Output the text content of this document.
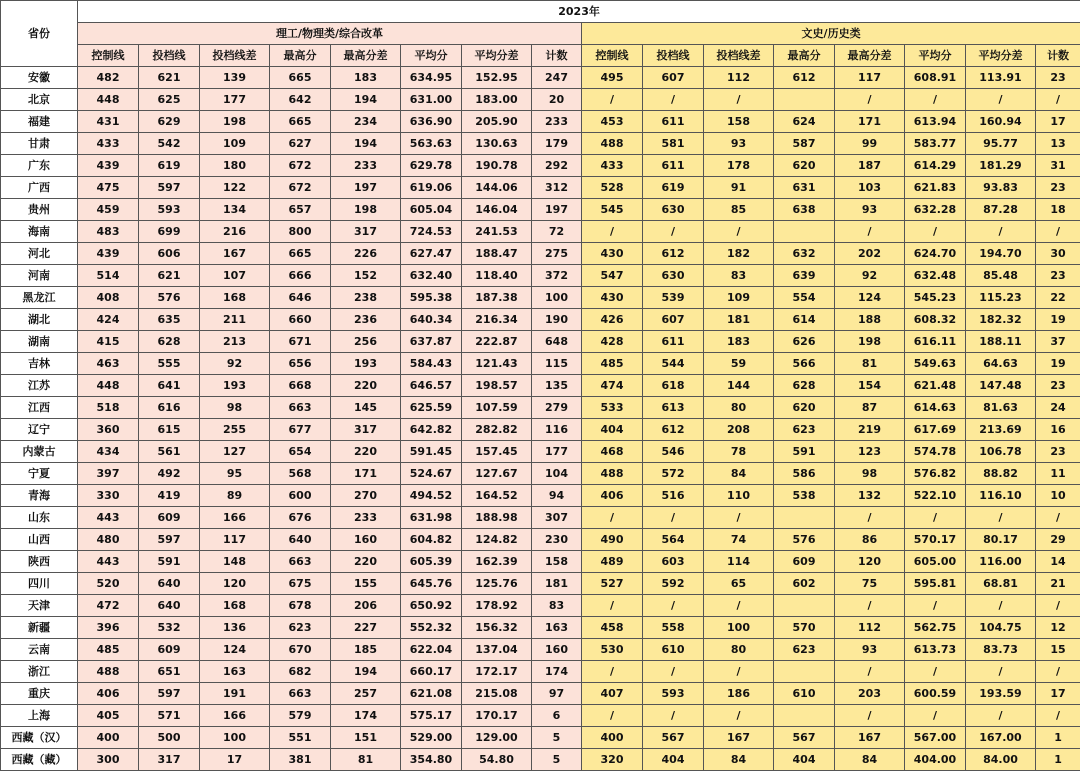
省份	2023年															
	理工/物理类/综合改革								文史/历史类							
	控制线	投档线	投档线差	最高分	最高分差	平均分	平均分差	计数	控制线	投档线	投档线差	最高分	最高分差	平均分	平均分差	计数
安徽	482	621	139	665	183	634.95	152.95	247	495	607	112	612	117	608.91	113.91	23
北京	448	625	177	642	194	631.00	183.00	20	/	/	/		/	/	/	/
福建	431	629	198	665	234	636.90	205.90	233	453	611	158	624	171	613.94	160.94	17
甘肃	433	542	109	627	194	563.63	130.63	179	488	581	93	587	99	583.77	95.77	13
广东	439	619	180	672	233	629.78	190.78	292	433	611	178	620	187	614.29	181.29	31
广西	475	597	122	672	197	619.06	144.06	312	528	619	91	631	103	621.83	93.83	23
贵州	459	593	134	657	198	605.04	146.04	197	545	630	85	638	93	632.28	87.28	18
海南	483	699	216	800	317	724.53	241.53	72	/	/	/		/	/	/	/
河北	439	606	167	665	226	627.47	188.47	275	430	612	182	632	202	624.70	194.70	30
河南	514	621	107	666	152	632.40	118.40	372	547	630	83	639	92	632.48	85.48	23
黑龙江	408	576	168	646	238	595.38	187.38	100	430	539	109	554	124	545.23	115.23	22
湖北	424	635	211	660	236	640.34	216.34	190	426	607	181	614	188	608.32	182.32	19
湖南	415	628	213	671	256	637.87	222.87	648	428	611	183	626	198	616.11	188.11	37
吉林	463	555	92	656	193	584.43	121.43	115	485	544	59	566	81	549.63	64.63	19
江苏	448	641	193	668	220	646.57	198.57	135	474	618	144	628	154	621.48	147.48	23
江西	518	616	98	663	145	625.59	107.59	279	533	613	80	620	87	614.63	81.63	24
辽宁	360	615	255	677	317	642.82	282.82	116	404	612	208	623	219	617.69	213.69	16
内蒙古	434	561	127	654	220	591.45	157.45	177	468	546	78	591	123	574.78	106.78	23
宁夏	397	492	95	568	171	524.67	127.67	104	488	572	84	586	98	576.82	88.82	11
青海	330	419	89	600	270	494.52	164.52	94	406	516	110	538	132	522.10	116.10	10
山东	443	609	166	676	233	631.98	188.98	307	/	/	/		/	/	/	/
山西	480	597	117	640	160	604.82	124.82	230	490	564	74	576	86	570.17	80.17	29
陕西	443	591	148	663	220	605.39	162.39	158	489	603	114	609	120	605.00	116.00	14
四川	520	640	120	675	155	645.76	125.76	181	527	592	65	602	75	595.81	68.81	21
天津	472	640	168	678	206	650.92	178.92	83	/	/	/		/	/	/	/
新疆	396	532	136	623	227	552.32	156.32	163	458	558	100	570	112	562.75	104.75	12
云南	485	609	124	670	185	622.04	137.04	160	530	610	80	623	93	613.73	83.73	15
浙江	488	651	163	682	194	660.17	172.17	174	/	/	/		/	/	/	/
重庆	406	597	191	663	257	621.08	215.08	97	407	593	186	610	203	600.59	193.59	17
上海	405	571	166	579	174	575.17	170.17	6	/	/	/		/	/	/	/
西藏（汉）	400	500	100	551	151	529.00	129.00	5	400	567	167	567	167	567.00	167.00	1
西藏（藏）	300	317	17	381	81	354.80	54.80	5	320	404	84	404	84	404.00	84.00	1
